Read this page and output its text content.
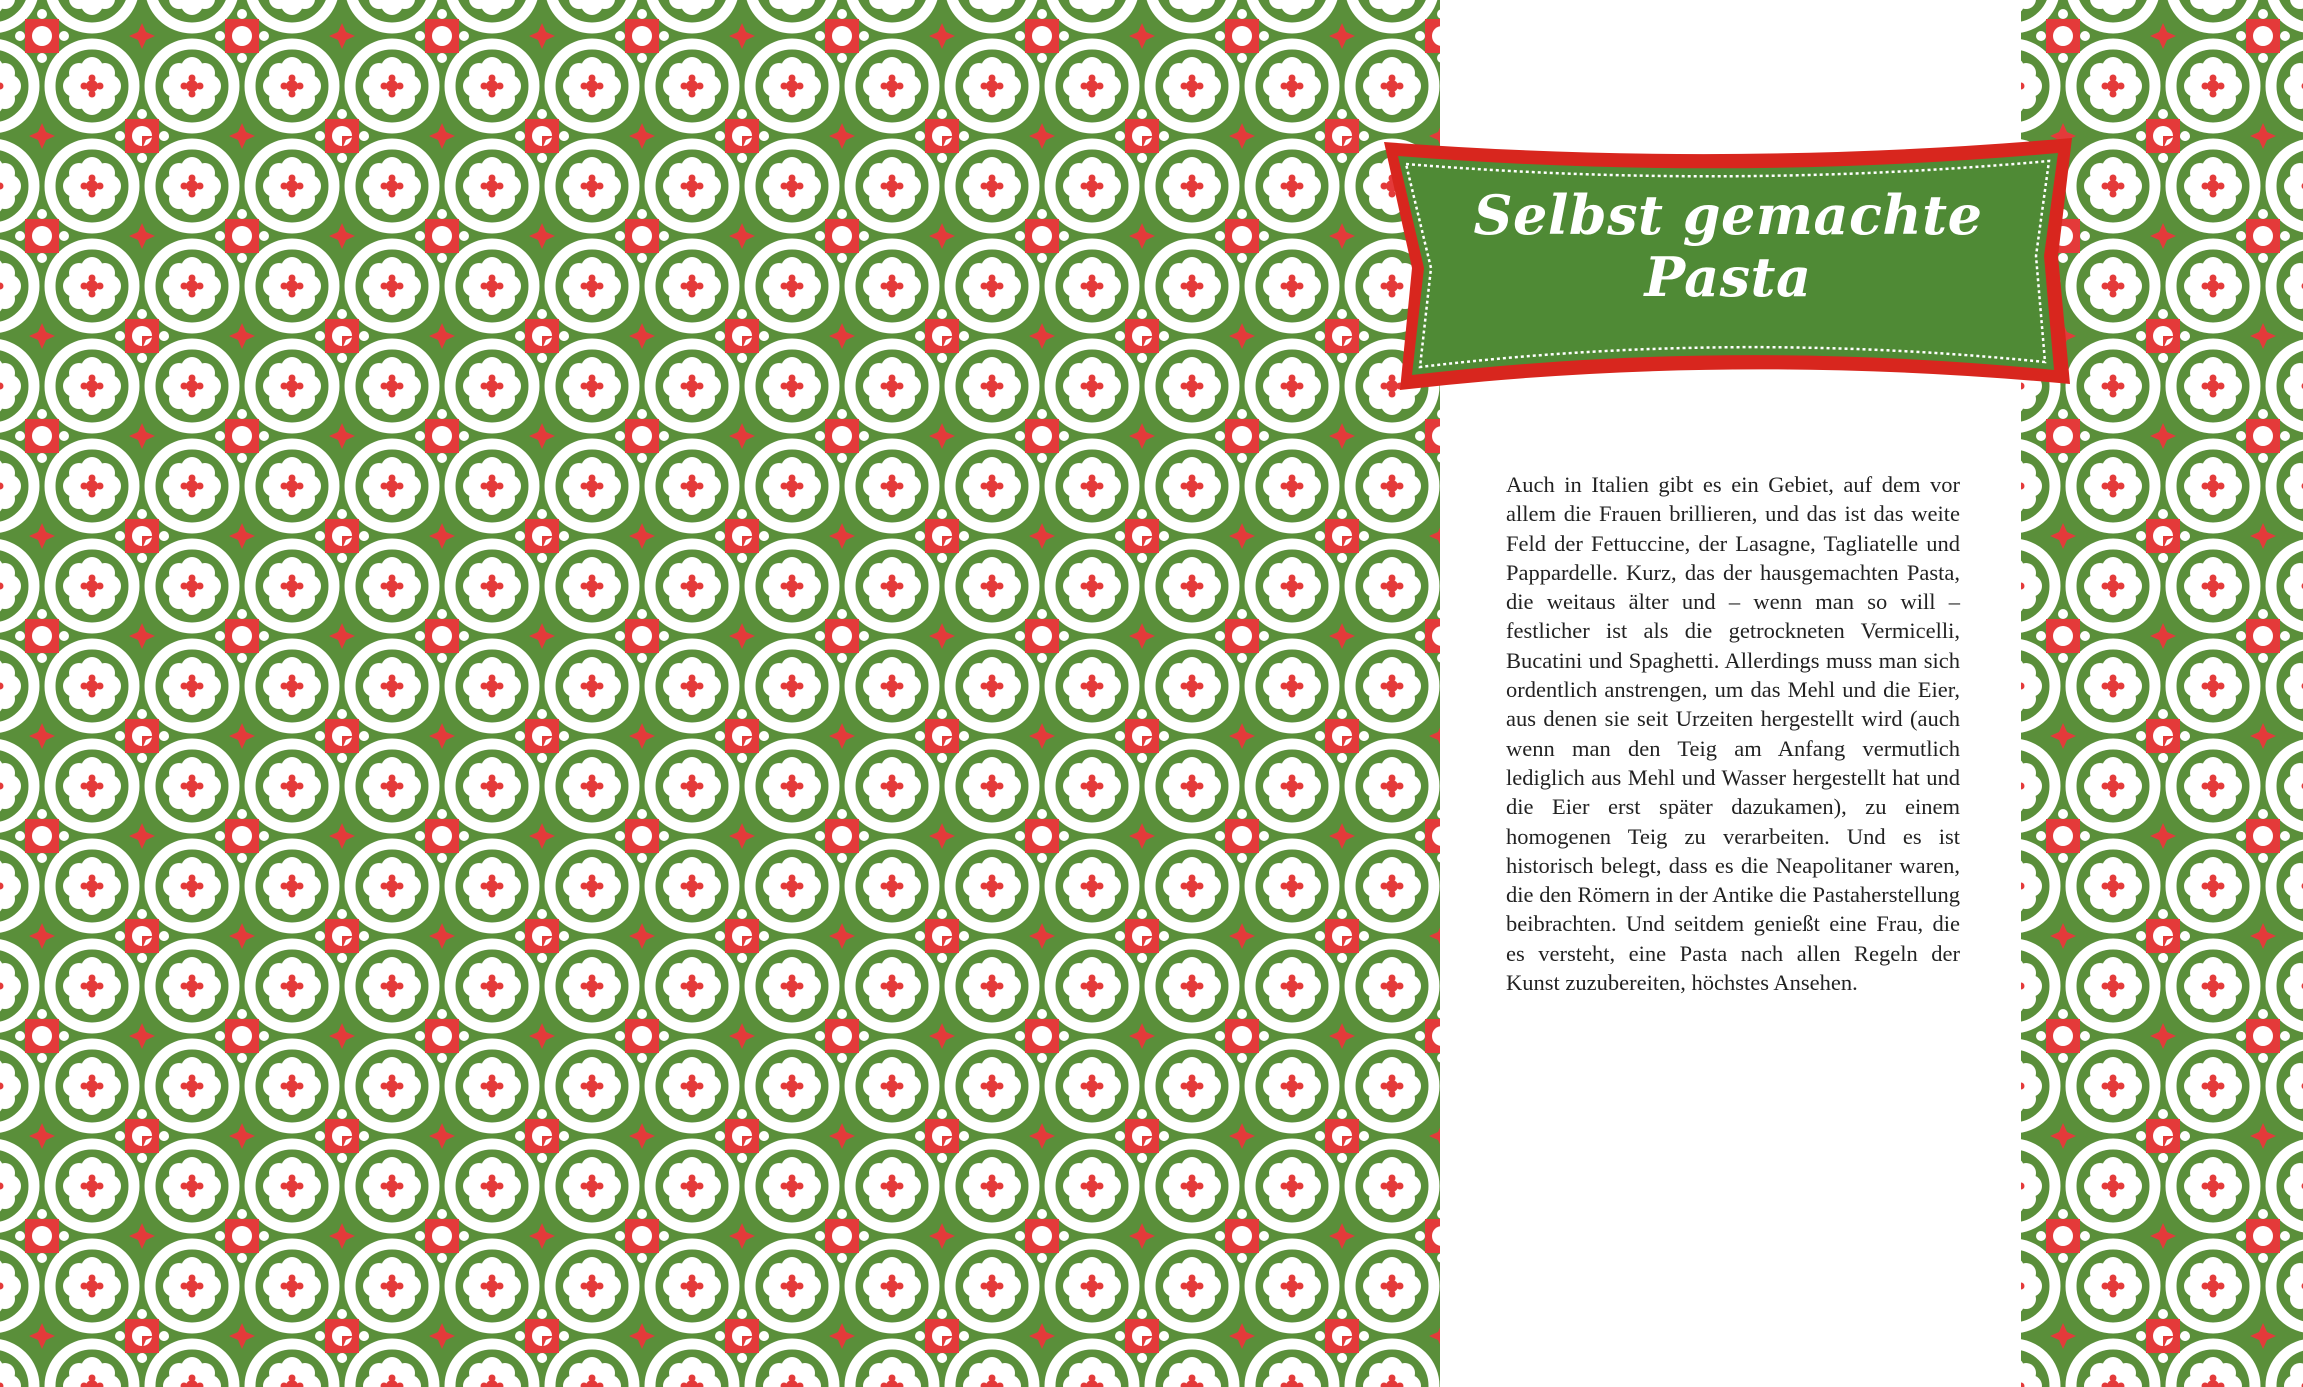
Selbst gemachte
Pasta

Auch in Italien gibt es ein Gebiet, auf dem vor allem die Frauen brillieren, und das ist das weite Feld der Fettuccine, der Lasagne, Tagliatelle und Pappardelle. Kurz, das der hausgemachten Pasta, die weitaus älter und – wenn man so will – festlicher ist als die getrockneten Vermicelli, Bucatini und Spaghetti. Allerdings muss man sich ordentlich anstrengen, um das Mehl und die Eier, aus denen sie seit Urzeiten hergestellt wird (auch wenn man den Teig am Anfang vermutlich lediglich aus Mehl und Wasser hergestellt hat und die Eier erst später dazukamen), zu einem homogenen Teig zu verarbeiten. Und es ist historisch belegt, dass es die Neapolitaner waren, die den Römern in der Antike die Pastaherstellung beibrachten. Und seitdem genießt eine Frau, die es versteht, eine Pasta nach allen Regeln der Kunst zuzubereiten, höchstes Ansehen.
